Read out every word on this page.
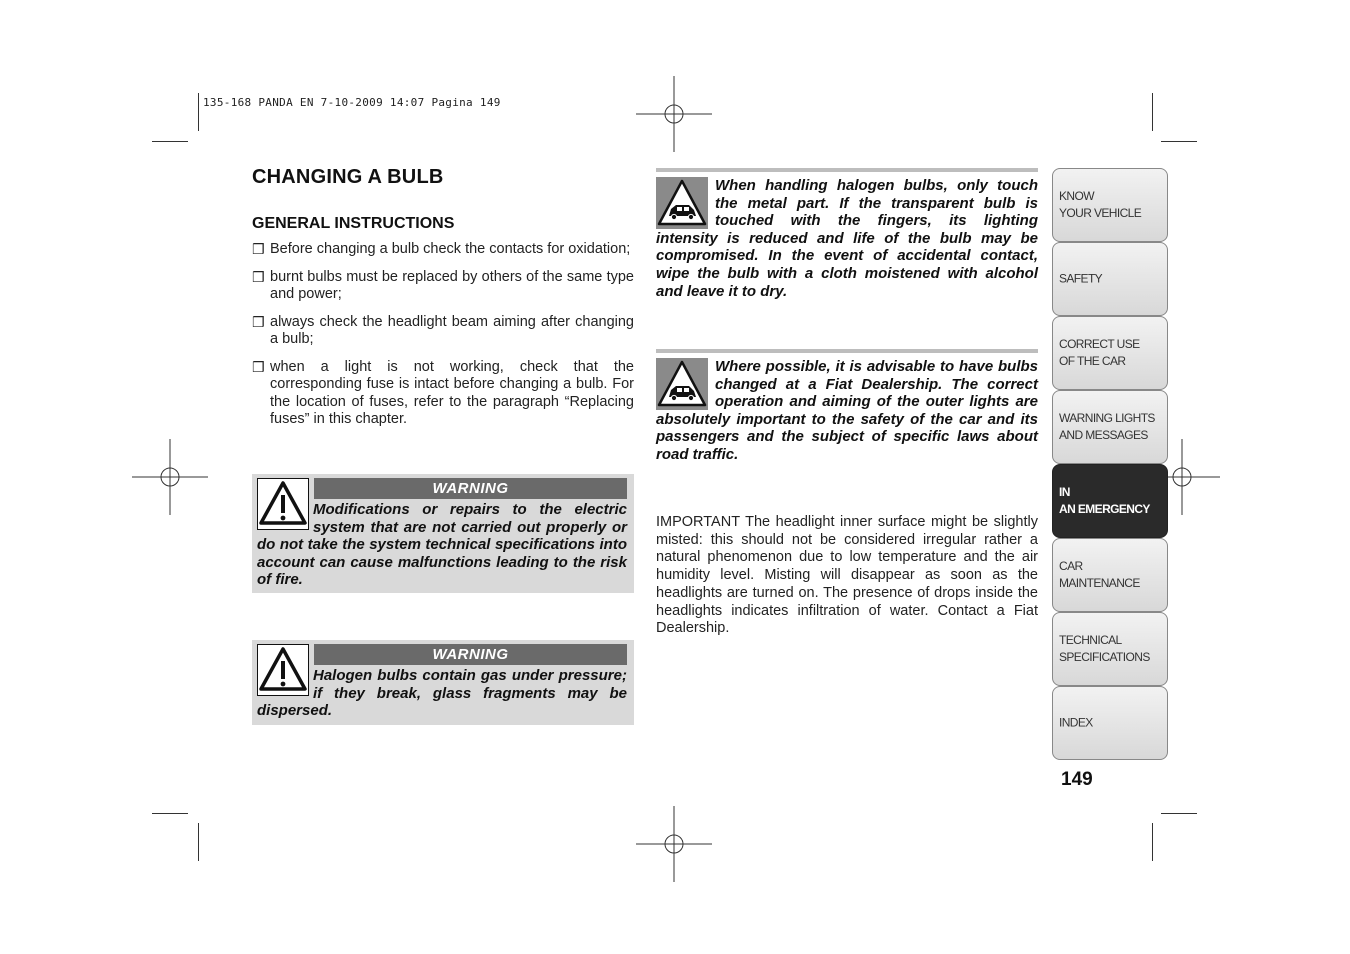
135-168 PANDA EN 7-10-2009 14:07 Pagina 149
CHANGING A BULB
GENERAL INSTRUCTIONS
❒ Before changing a bulb check the contacts for oxidation;
❒ burnt bulbs must be replaced by others of the same type and power;
❒ always check the headlight beam aiming after changing a bulb;
❒ when a light is not working, check that the corresponding fuse is intact before changing a bulb. For the location of fuses, refer to the paragraph “Replacing fuses” in this chapter.
WARNING

Modifications or repairs to the electric system that are not carried out properly or do not take the system technical specifications into account can cause malfunctions leading to the risk of fire.

WARNING

Halogen bulbs contain gas under pressure; if they break, glass fragments may be dispersed.

When handling halogen bulbs, only touch the metal part. If the transparent bulb is touched with the fingers, its lighting intensity is reduced and life of the bulb may be compromised. In the event of accidental contact, wipe the bulb with a cloth moistened with alcohol and leave it to dry.

Where possible, it is advisable to have bulbs changed at a Fiat Dealership. The correct operation and aiming of the outer lights are absolutely important to the safety of the car and its passengers and the subject of specific laws about road traffic.

IMPORTANT The headlight inner surface might be slightly misted: this should not be considered irregular rather a natural phenomenon due to low temperature and the air humidity level. Misting will disappear as soon as the headlights are turned on. The presence of drops inside the headlights indicates infiltration of water. Contact a Fiat Dealership.

KNOW
YOUR VEHICLE
SAFETY
CORRECT USE
OF THE CAR
WARNING LIGHTS
AND MESSAGES
IN
AN EMERGENCY
CAR
MAINTENANCE
TECHNICAL
SPECIFICATIONS
INDEX
149
